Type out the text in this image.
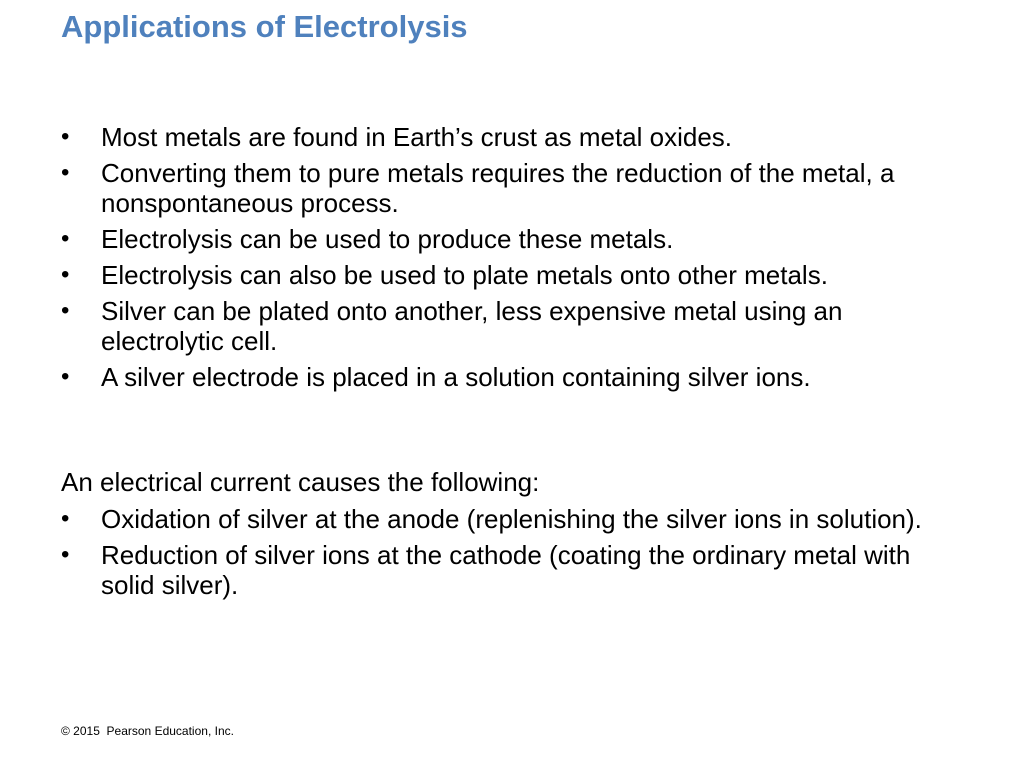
Applications of Electrolysis
•	Most metals are found in Earth’s crust as metal oxides.
•	Converting them to pure metals requires the reduction of the metal, a nonspontaneous process.
•	Electrolysis can be used to produce these metals.
•	Electrolysis can also be used to plate metals onto other metals.
•	Silver can be plated onto another, less expensive metal using an electrolytic cell.
•	A silver electrode is placed in a solution containing silver ions.

An electrical current causes the following:

•	Oxidation of silver at the anode (replenishing the silver ions in solution).
•	Reduction of silver ions at the cathode (coating the ordinary metal with solid silver).

© 2015  Pearson Education, Inc.
